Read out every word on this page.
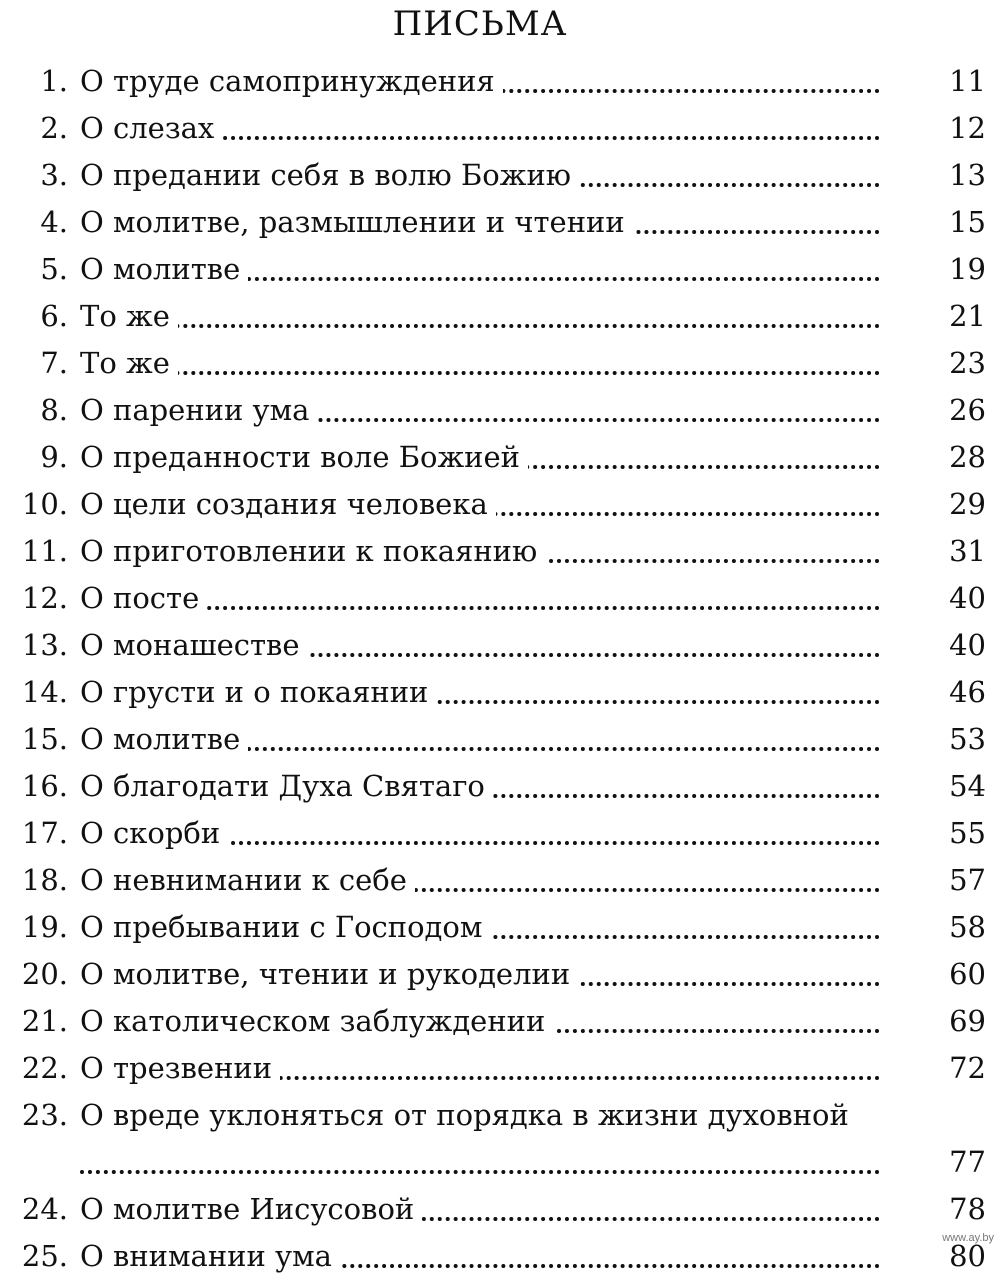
ПИСЬМА
1. О труде самопринуждения	11
2. О слезах	12
3. О предании себя в волю Божию	13
4. О молитве, размышлении и чтении	15
5. О молитве	19
6. То же	21
7. То же	23
8. О парении ума	26
9. О преданности воле Божией	28
10. О цели создания человека	29
11. О приготовлении к покаянию	31
12. О посте	40
13. О монашестве	40
14. О грусти и о покаянии	46
15. О молитве	53
16. О благодати Духа Святаго	54
17. О скорби	55
18. О невнимании к себе	57
19. О пребывании с Господом	58
20. О молитве, чтении и рукоделии	60
21. О католическом заблуждении	69
22. О трезвении	72
23. О вреде уклоняться от порядка в жизни духовной
77
24. О молитве Иисусовой	78
25. О внимании ума	80
www.ay.by
